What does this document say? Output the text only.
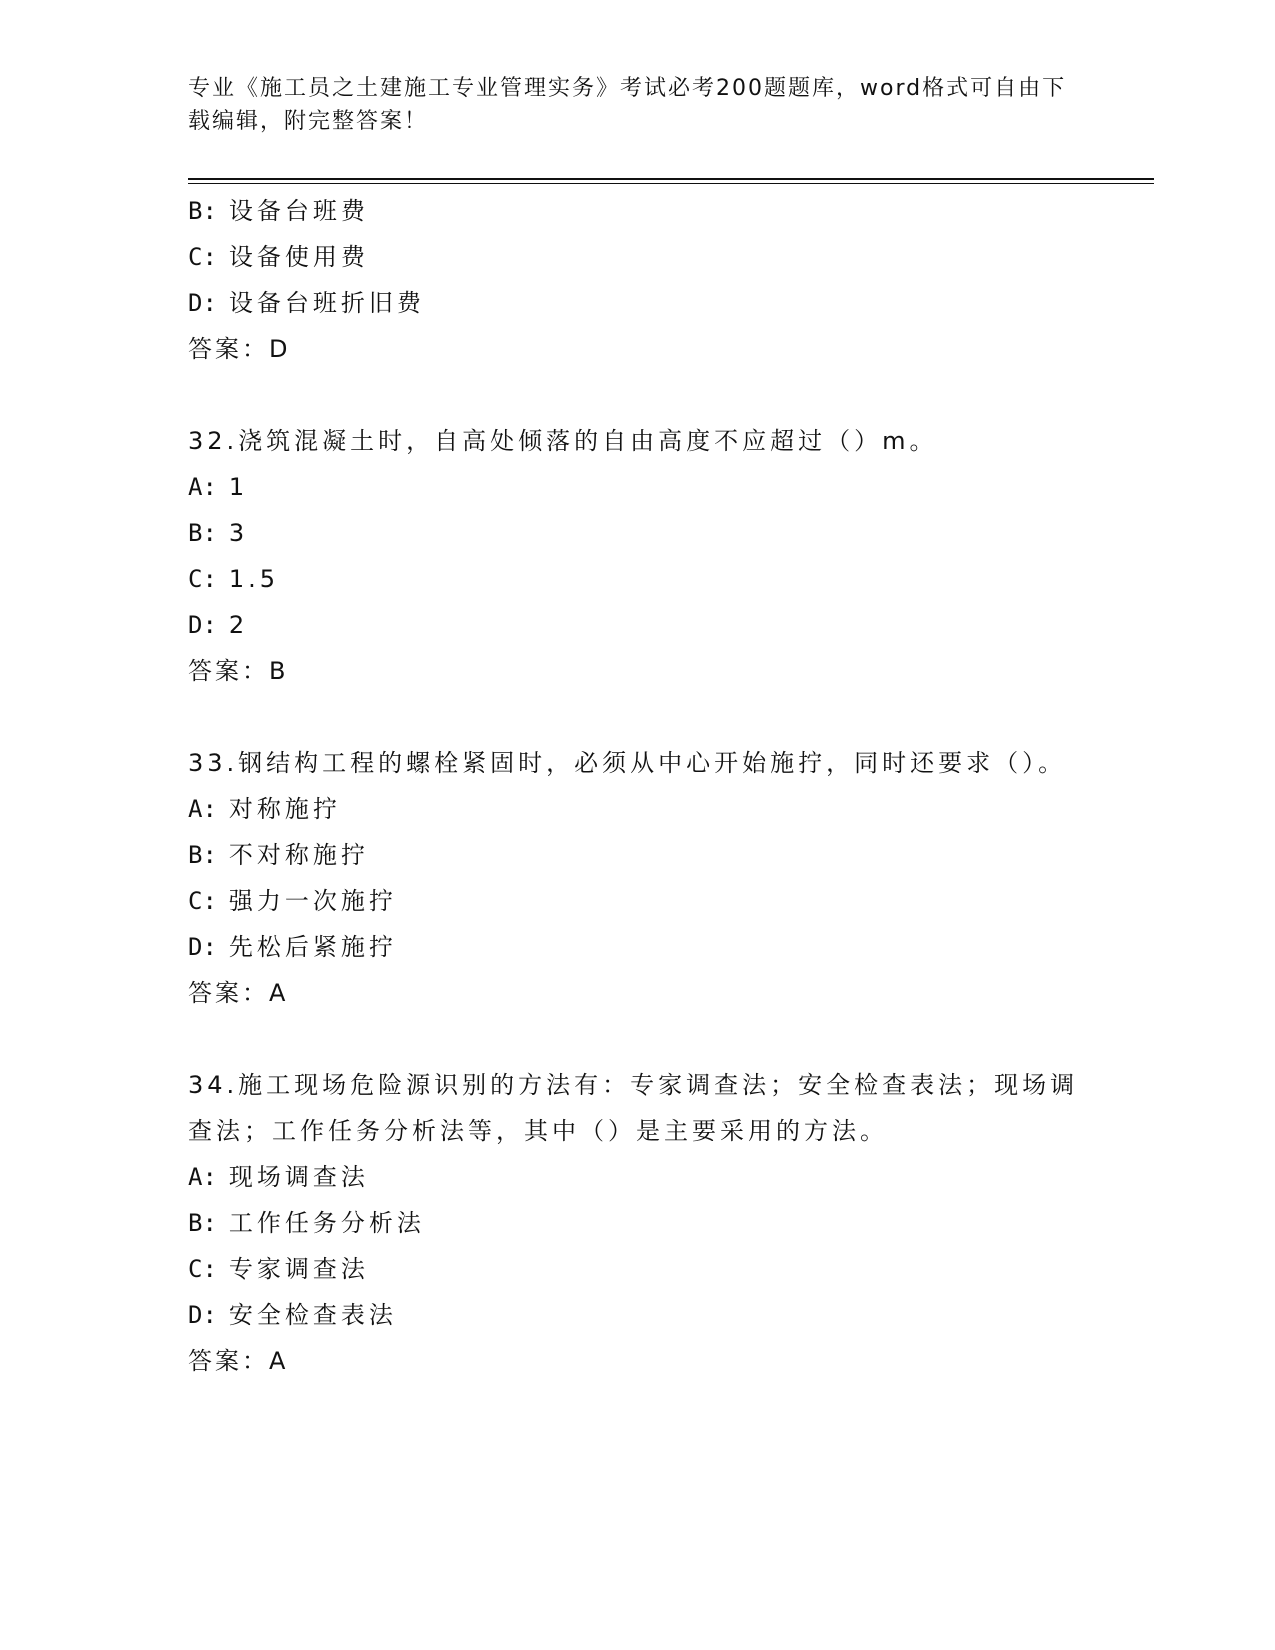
专业《施工员之土建施工专业管理实务》考试必考200题题库，word格式可自由下载编辑，附完整答案！
B: 设备台班费
C: 设备使用费
D: 设备台班折旧费
答案：D
32.浇筑混凝土时，自高处倾落的自由高度不应超过（）m。
A: 1
B: 3
C: 1.5
D: 2
答案：B
33.钢结构工程的螺栓紧固时，必须从中心开始施拧，同时还要求（）。
A: 对称施拧
B: 不对称施拧
C: 强力一次施拧
D: 先松后紧施拧
答案：A
34.施工现场危险源识别的方法有：专家调查法；安全检查表法；现场调查法；工作任务分析法等，其中（）是主要采用的方法。
A: 现场调查法
B: 工作任务分析法
C: 专家调查法
D: 安全检查表法
答案：A
